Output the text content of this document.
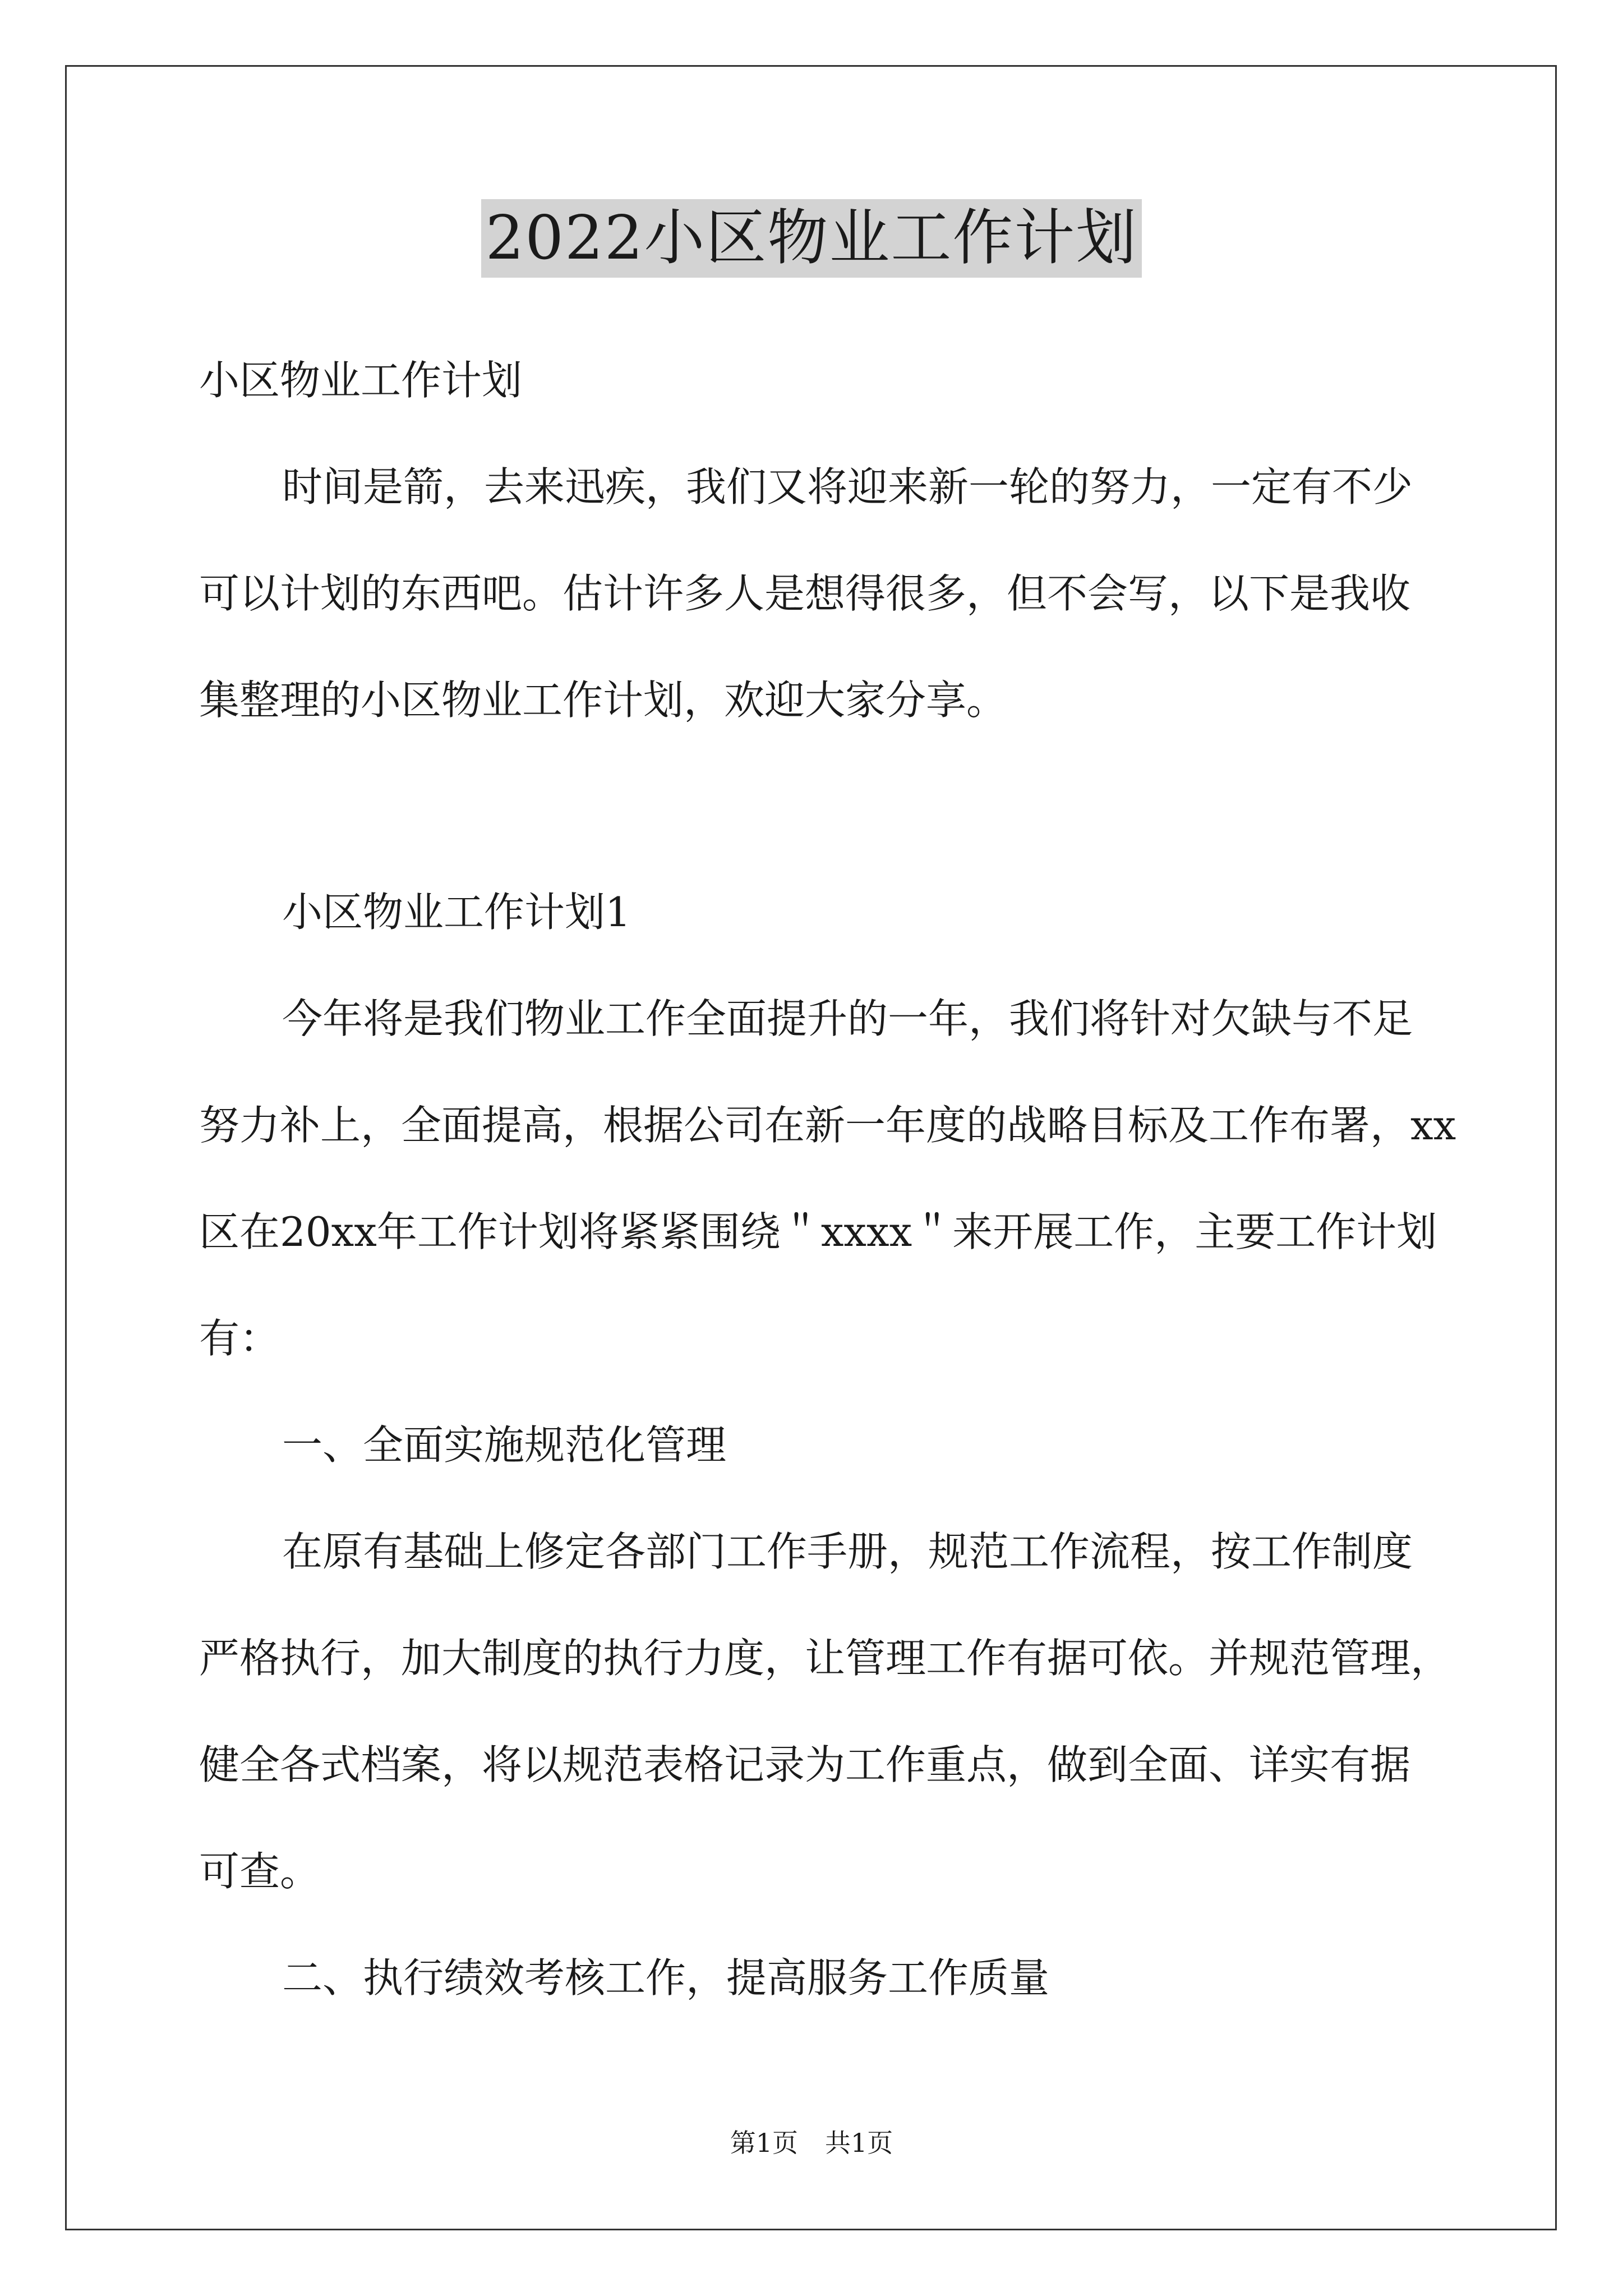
2022小区物业工作计划
小区物业工作计划
时间是箭，去来迅疾，我们又将迎来新一轮的努力，一定有不少
可以计划的东西吧。估计许多人是想得很多，但不会写，以下是我收
集整理的小区物业工作计划，欢迎大家分享。
小区物业工作计划1
今年将是我们物业工作全面提升的一年，我们将针对欠缺与不足
努力补上，全面提高，根据公司在新一年度的战略目标及工作布署，xx
区在20xx年工作计划将紧紧围绕＂xxxx＂来开展工作，主要工作计划
有：
一、全面实施规范化管理
在原有基础上修定各部门工作手册，规范工作流程，按工作制度
严格执行，加大制度的执行力度，让管理工作有据可依。并规范管理，
健全各式档案，将以规范表格记录为工作重点，做到全面、详实有据
可查。
二、执行绩效考核工作，提高服务工作质量
第1页 共1页
